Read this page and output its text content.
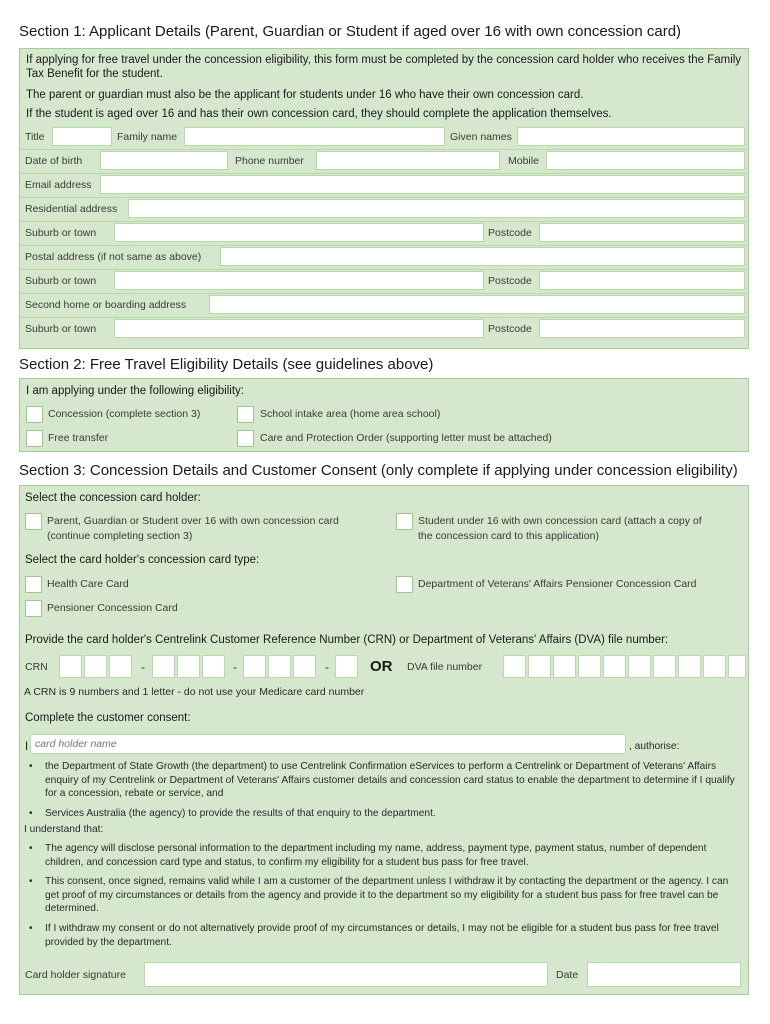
Section 1: Applicant Details (Parent, Guardian or Student if aged over 16 with own concession card)
If applying for free travel under the concession eligibility, this form must be completed by the concession card holder who receives the Family Tax Benefit for the student.
The parent or guardian must also be the applicant for students under 16 who have their own concession card.
If the student is aged over 16 and has their own concession card, they should complete the application themselves.
Title	Family name	Given names
Date of birth	Phone number	Mobile
Email address
Residential address
Suburb or town	Postcode
Postal address (if not same as above)
Suburb or town	Postcode
Second home or boarding address
Suburb or town	Postcode
Section 2: Free Travel Eligibility Details (see guidelines above)
I am applying under the following eligibility:
Concession (complete section 3)	School intake area (home area school)
Free transfer	Care and Protection Order (supporting letter must be attached)
Section 3: Concession Details and Customer Consent (only complete if applying under concession eligibility)
Select the concession card holder:
Parent, Guardian or Student over 16 with own concession card (continue completing section 3)
Student under 16 with own concession card (attach a copy of the concession card to this application)
Select the card holder's concession card type:
Health Care Card	Department of Veterans' Affairs Pensioner Concession Card
Pensioner Concession Card
Provide the card holder's Centrelink Customer Reference Number (CRN) or Department of Veterans' Affairs (DVA) file number:
CRN	-	-	-	OR DVA file number
A CRN is 9 numbers and 1 letter - do not use your Medicare card number
Complete the customer consent:
I
card holder name	, authorise:
• the Department of State Growth (the department) to use Centrelink Confirmation eServices to perform a Centrelink or Department of Veterans' Affairs enquiry of my Centrelink or Department of Veterans' Affairs customer details and concession card status to enable the department to determine if I qualify for a concession, rebate or service, and
• Services Australia (the agency) to provide the results of that enquiry to the department.
I understand that:
• The agency will disclose personal information to the department including my name, address, payment type, payment status, number of dependent children, and concession card type and status, to confirm my eligibility for a student bus pass for free travel.
• This consent, once signed, remains valid while I am a customer of the department unless I withdraw it by contacting the department or the agency. I can get proof of my circumstances or details from the agency and provide it to the department so my eligibility for a student bus pass for free travel can be determined.
• If I withdraw my consent or do not alternatively provide proof of my circumstances or details, I may not be eligible for a student bus pass for free travel provided by the department.
Card holder signature	Date
